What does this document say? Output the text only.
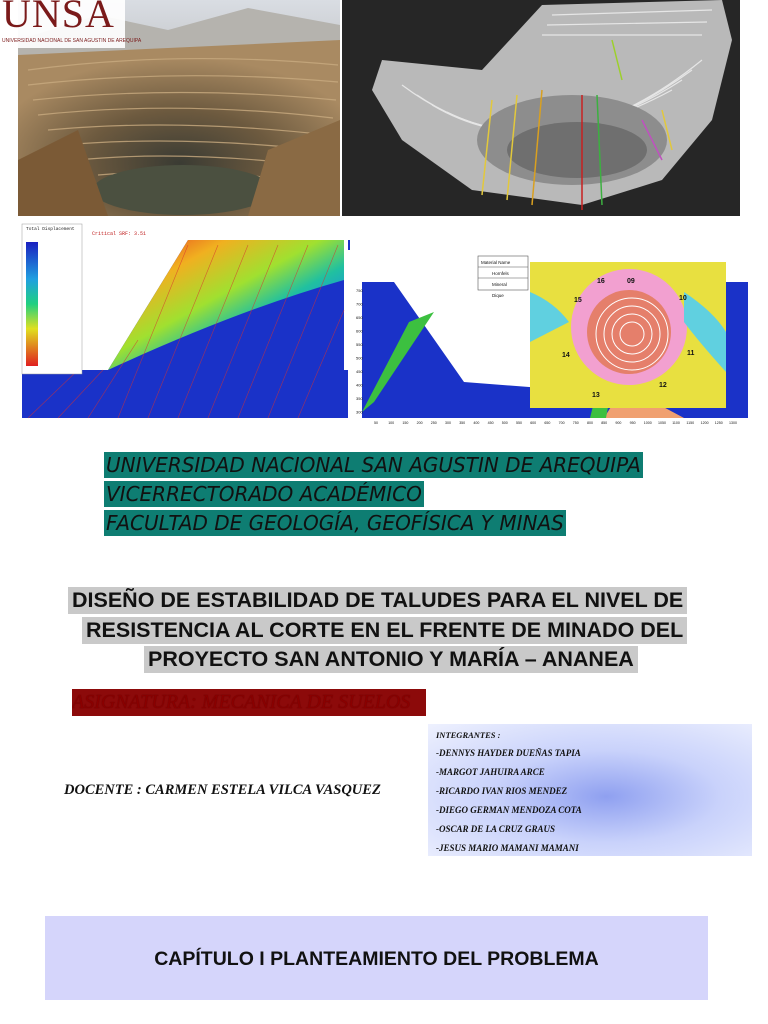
UNSA
UNIVERSIDAD NACIONAL DE SAN AGUSTIN DE AREQUIPA
Total Displacement
Critical SRF: 3.51
Material Name
Hornfels
Mineral
Dique
16	09
10
15
14	11
13
12
750
700
650
600
550
500
450
400
350
300
50	100 150 200 250 300 350 400 450 500 550 600 650 700 750 800 850 900 950 1000 1050 1100 1150 1200 1250 1300
UNIVERSIDAD NACIONAL SAN AGUSTIN DE AREQUIPA
VICERRECTORADO ACADÉMICO
FACULTAD DE GEOLOGÍA, GEOFÍSICA Y MINAS
DISEÑO DE ESTABILIDAD DE TALUDES PARA EL NIVEL DE
RESISTENCIA AL CORTE EN EL FRENTE DE MINADO DEL
PROYECTO SAN ANTONIO Y MARÍA – ANANEA
ASIGNATURA: MECANICA DE SUELOS
DOCENTE : CARMEN ESTELA VILCA VASQUEZ
INTEGRANTES :
-DENNYS HAYDER DUEÑAS TAPIA
-MARGOT JAHUIRA ARCE
-RICARDO IVAN RIOS MENDEZ
-DIEGO GERMAN MENDOZA COTA
-OSCAR DE LA CRUZ GRAUS
-JESUS MARIO MAMANI MAMANI
CAPÍTULO I PLANTEAMIENTO DEL PROBLEMA
